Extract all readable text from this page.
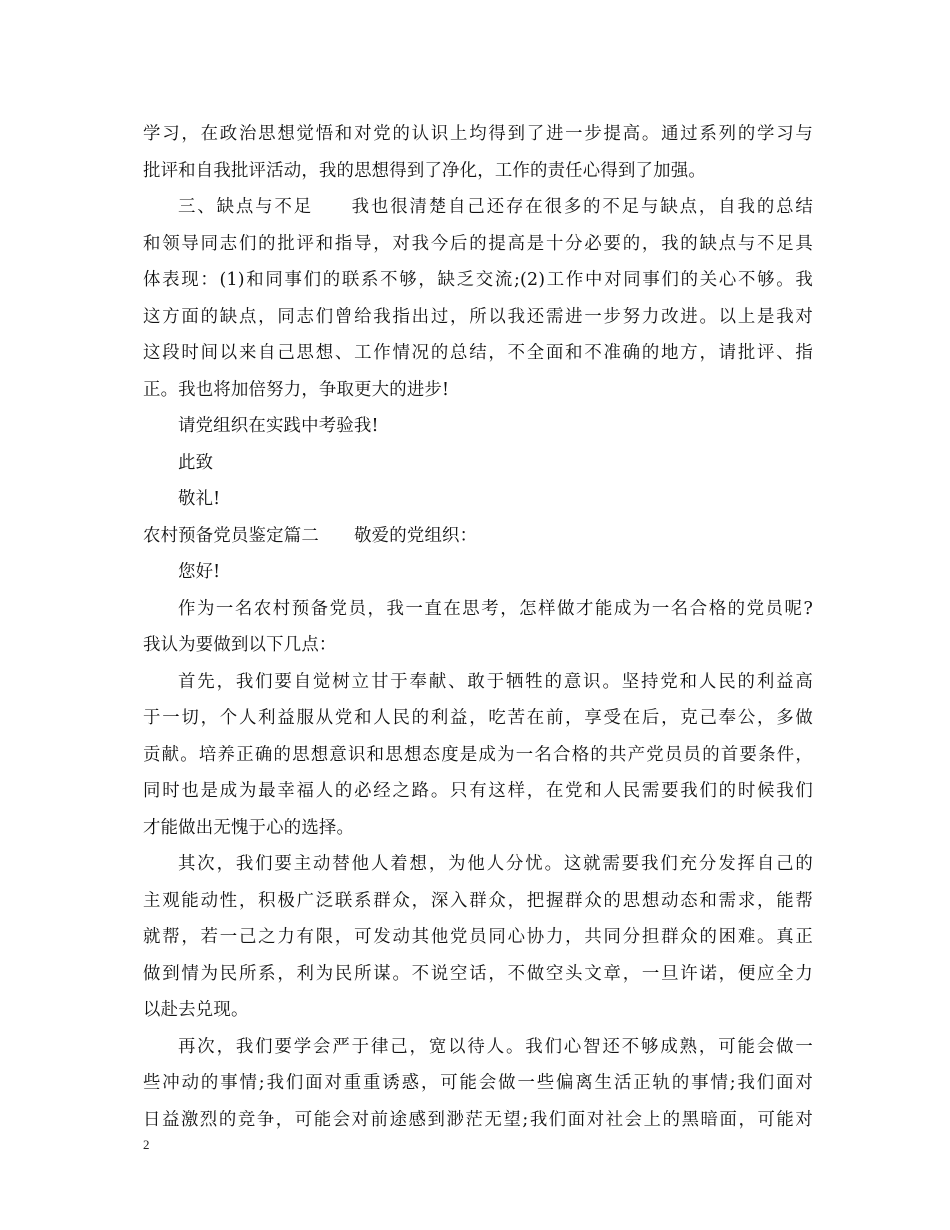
学习，在政治思想觉悟和对党的认识上均得到了进一步提高。通过系列的学习与
批评和自我批评活动，我的思想得到了净化，工作的责任心得到了加强。
三、缺点与不足　　我也很清楚自己还存在很多的不足与缺点，自我的总结
和领导同志们的批评和指导，对我今后的提高是十分必要的，我的缺点与不足具
体表现：(1)和同事们的联系不够，缺乏交流;(2)工作中对同事们的关心不够。我
这方面的缺点，同志们曾给我指出过，所以我还需进一步努力改进。以上是我对
这段时间以来自己思想、工作情况的总结，不全面和不准确的地方，请批评、指
正。我也将加倍努力，争取更大的进步!
请党组织在实践中考验我!
此致
敬礼!
农村预备党员鉴定篇二　　敬爱的党组织：
您好!
作为一名农村预备党员，我一直在思考，怎样做才能成为一名合格的党员呢?
我认为要做到以下几点：
首先，我们要自觉树立甘于奉献、敢于牺牲的意识。坚持党和人民的利益高
于一切，个人利益服从党和人民的利益，吃苦在前，享受在后，克己奉公，多做
贡献。培养正确的思想意识和思想态度是成为一名合格的共产党员员的首要条件，
同时也是成为最幸福人的必经之路。只有这样，在党和人民需要我们的时候我们
才能做出无愧于心的选择。
其次，我们要主动替他人着想，为他人分忧。这就需要我们充分发挥自己的
主观能动性，积极广泛联系群众，深入群众，把握群众的思想动态和需求，能帮
就帮，若一己之力有限，可发动其他党员同心协力，共同分担群众的困难。真正
做到情为民所系，利为民所谋。不说空话，不做空头文章，一旦许诺，便应全力
以赴去兑现。
再次，我们要学会严于律己，宽以待人。我们心智还不够成熟，可能会做一
些冲动的事情;我们面对重重诱惑，可能会做一些偏离生活正轨的事情;我们面对
日益激烈的竞争，可能会对前途感到渺茫无望;我们面对社会上的黑暗面，可能对
2
